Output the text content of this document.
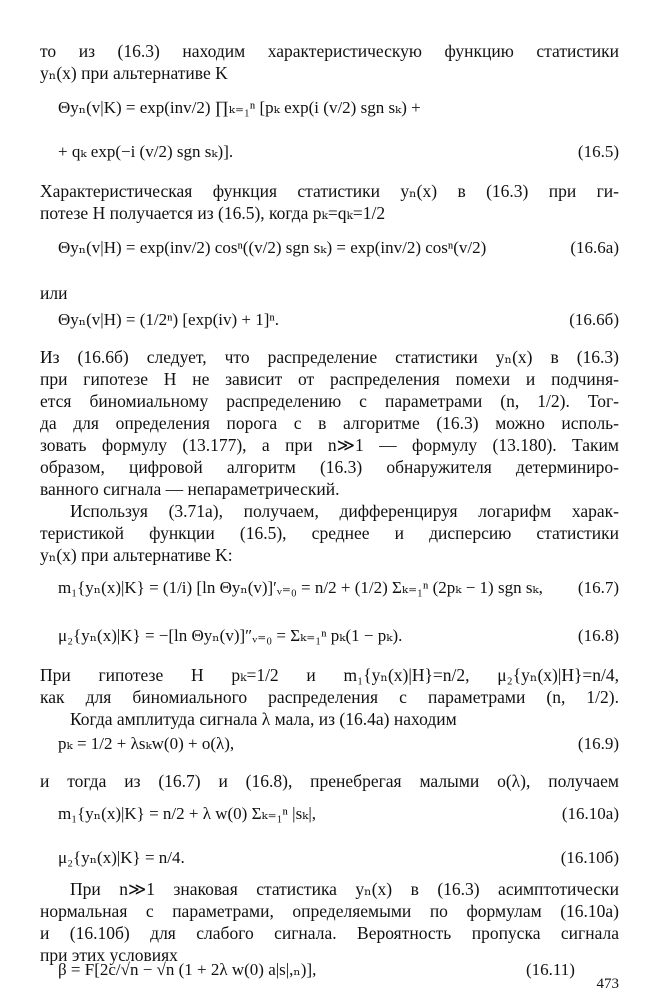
то из (16.3) находим характеристическую функцию статистики
yₙ(x) при альтернативе K
Θyₙ(v|K) = exp(inv/2) ∏ₖ₌₁ⁿ [pₖ exp(i (v/2) sgn sₖ) +
+ qₖ exp(−i (v/2) sgn sₖ)].	(16.5)
Характеристическая функция статистики yₙ(x) в (16.3) при ги-
потезе H получается из (16.5), когда pₖ=qₖ=1/2
Θyₙ(v|H) = exp(inv/2) cosⁿ((v/2) sgn sₖ) = exp(inv/2) cosⁿ(v/2)	(16.6а)
или
Θyₙ(v|H) = (1/2ⁿ) [exp(iv) + 1]ⁿ.	(16.6б)
Из (16.6б) следует, что распределение статистики yₙ(x) в (16.3)
при гипотезе H не зависит от распределения помехи и подчиня-
ется биномиальному распределению с параметрами (n, 1/2). Тог-
да для определения порога c в алгоритме (16.3) можно исполь-
зовать формулу (13.177), а при n≫1 — формулу (13.180). Таким
образом, цифровой алгоритм (16.3) обнаружителя детерминиро-
ванного сигнала — непараметрический.
Используя (3.71а), получаем, дифференцируя логарифм харак-
теристикой функции (16.5), среднее и дисперсию статистики
yₙ(x) при альтернативе K:
m₁{yₙ(x)|K} = (1/i) [ln Θyₙ(v)]′ᵥ₌₀ = n/2 + (1/2) Σₖ₌₁ⁿ (2pₖ − 1) sgn sₖ,	(16.7)
μ₂{yₙ(x)|K} = −[ln Θyₙ(v)]″ᵥ₌₀ = Σₖ₌₁ⁿ pₖ(1 − pₖ).	(16.8)
При гипотезе H pₖ=1/2 и m₁{yₙ(x)|H}=n/2, μ₂{yₙ(x)|H}=n/4,
как для биномиального распределения с параметрами (n, 1/2).
Когда амплитуда сигнала λ мала, из (16.4а) находим
pₖ = 1/2 + λsₖw(0) + o(λ),	(16.9)
и тогда из (16.7) и (16.8), пренебрегая малыми o(λ), получаем
m₁{yₙ(x)|K} = n/2 + λ w(0) Σₖ₌₁ⁿ |sₖ|,	(16.10а)
μ₂{yₙ(x)|K} = n/4.	(16.10б)
При n≫1 знаковая статистика yₙ(x) в (16.3) асимптотически
нормальная с параметрами, определяемыми по формулам (16.10а)
и (16.10б) для слабого сигнала. Вероятность пропуска сигнала
при этих условиях
β = F[2c/√n − √n (1 + 2λ w(0) a|s|,ₙ)],	(16.11)
473
